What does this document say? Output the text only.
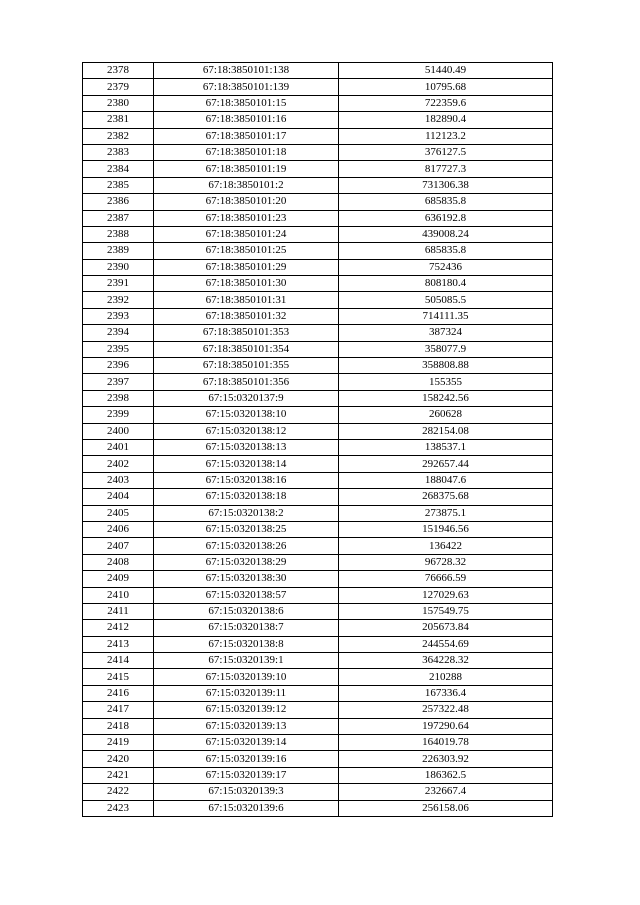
2378	67:18:3850101:138	51440.49
2379	67:18:3850101:139	10795.68
2380	67:18:3850101:15	722359.6
2381	67:18:3850101:16	182890.4
2382	67:18:3850101:17	112123.2
2383	67:18:3850101:18	376127.5
2384	67:18:3850101:19	817727.3
2385	67:18:3850101:2	731306.38
2386	67:18:3850101:20	685835.8
2387	67:18:3850101:23	636192.8
2388	67:18:3850101:24	439008.24
2389	67:18:3850101:25	685835.8
2390	67:18:3850101:29	752436
2391	67:18:3850101:30	808180.4
2392	67:18:3850101:31	505085.5
2393	67:18:3850101:32	714111.35
2394	67:18:3850101:353	387324
2395	67:18:3850101:354	358077.9
2396	67:18:3850101:355	358808.88
2397	67:18:3850101:356	155355
2398	67:15:0320137:9	158242.56
2399	67:15:0320138:10	260628
2400	67:15:0320138:12	282154.08
2401	67:15:0320138:13	138537.1
2402	67:15:0320138:14	292657.44
2403	67:15:0320138:16	188047.6
2404	67:15:0320138:18	268375.68
2405	67:15:0320138:2	273875.1
2406	67:15:0320138:25	151946.56
2407	67:15:0320138:26	136422
2408	67:15:0320138:29	96728.32
2409	67:15:0320138:30	76666.59
2410	67:15:0320138:57	127029.63
2411	67:15:0320138:6	157549.75
2412	67:15:0320138:7	205673.84
2413	67:15:0320138:8	244554.69
2414	67:15:0320139:1	364228.32
2415	67:15:0320139:10	210288
2416	67:15:0320139:11	167336.4
2417	67:15:0320139:12	257322.48
2418	67:15:0320139:13	197290.64
2419	67:15:0320139:14	164019.78
2420	67:15:0320139:16	226303.92
2421	67:15:0320139:17	186362.5
2422	67:15:0320139:3	232667.4
2423	67:15:0320139:6	256158.06
